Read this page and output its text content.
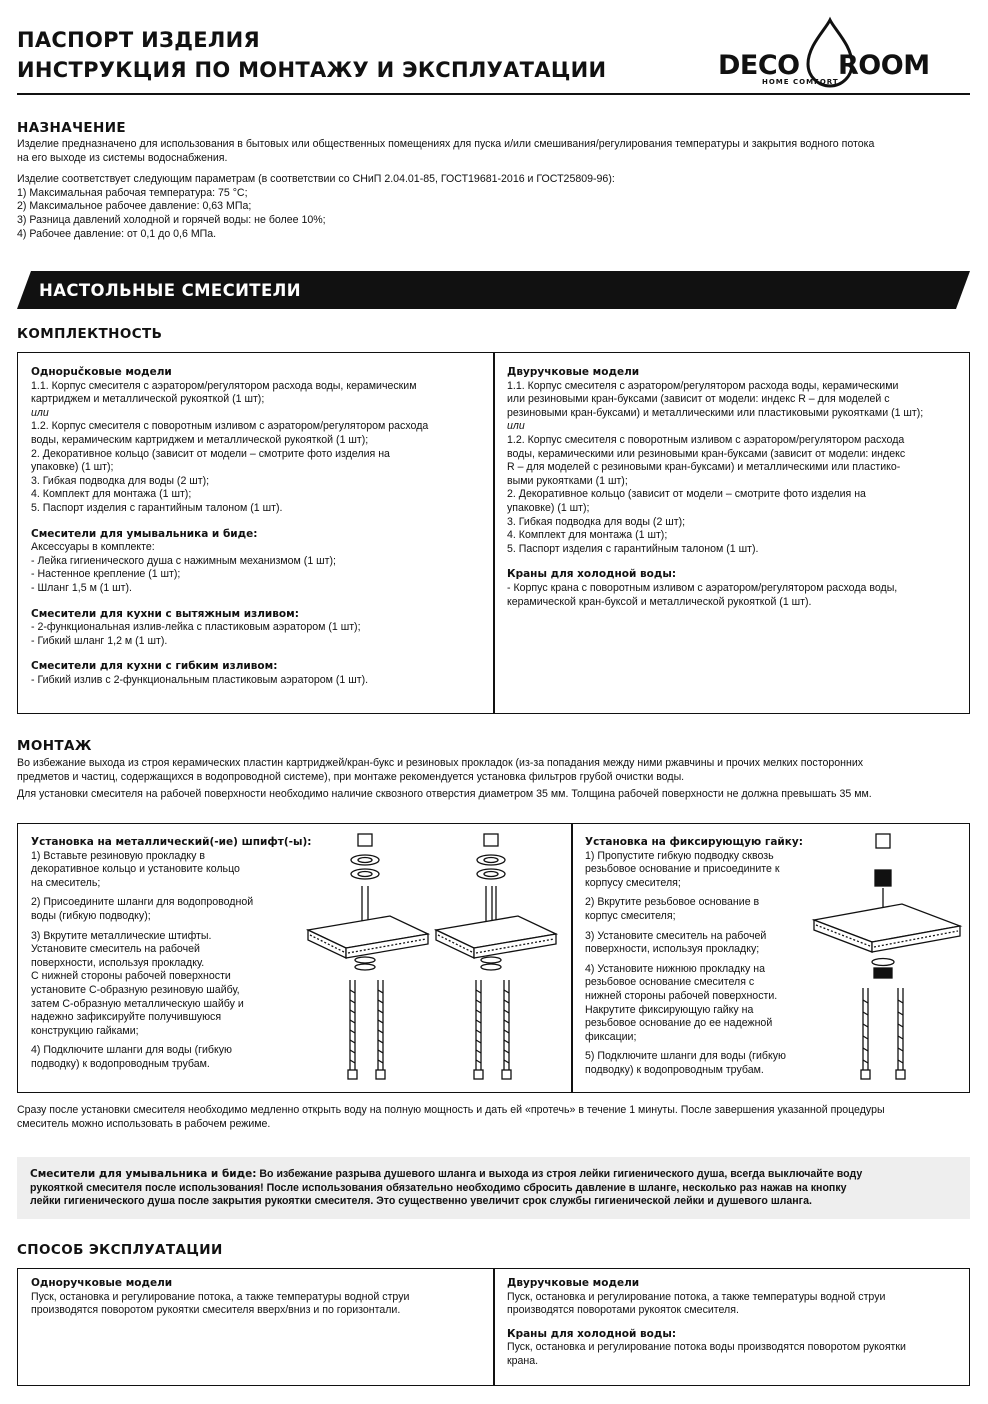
ПАСПОРТ ИЗДЕЛИЯ
ИНСТРУКЦИЯ ПО МОНТАЖУ И ЭКСПЛУАТАЦИИ	DECO ROOM
HOME COMFORT
НАЗНАЧЕНИЕ
Изделие предназначено для использования в бытовых или общественных помещениях для пуска и/или смешивания/регулирования температуры и закрытия водного потока
на его выходе из системы водоснабжения.
Изделие соответствует следующим параметрам (в соответствии со СНиП 2.04.01-85, ГОСТ19681-2016 и ГОСТ25809-96):
1) Максимальная рабочая температура: 75 °С;
2) Максимальное рабочее давление: 0,63 МПа;
3) Разница давлений холодной и горячей воды: не более 10%;
4) Рабочее давление: от 0,1 до 0,6 МПа.
НАСТОЛЬНЫЕ СМЕСИТЕЛИ
КОМПЛЕКТНОСТЬ
Однорučковые модели
1.1. Корпус смесителя с аэратором/регулятором расхода воды, керамическим
картриджем и металлической рукояткой (1 шт);
или
1.2. Корпус смесителя с поворотным изливом с аэратором/регулятором расхода
воды, керамическим картриджем и металлической рукояткой (1 шт);
2. Декоративное кольцо (зависит от модели – смотрите фото изделия на
упаковке) (1 шт);
3. Гибкая подводка для воды (2 шт);
4. Комплект для монтажа (1 шт);
5. Паспорт изделия с гарантийным талоном (1 шт).
Смесители для умывальника и биде:
Аксессуары в комплекте:
- Лейка гигиенического душа с нажимным механизмом (1 шт);
- Настенное крепление (1 шт);
- Шланг 1,5 м (1 шт).
Смесители для кухни с вытяжным изливом:
- 2-функциональная излив-лейка с пластиковым аэратором (1 шт);
- Гибкий шланг 1,2 м (1 шт).
Смесители для кухни с гибким изливом:
- Гибкий излив с 2-функциональным пластиковым аэратором (1 шт).
Двуручковые модели
1.1. Корпус смесителя с аэратором/регулятором расхода воды, керамическими
или резиновыми кран-буксами (зависит от модели: индекс R – для моделей с
резиновыми кран-буксами) и металлическими или пластиковыми рукоятками (1 шт);
или
1.2. Корпус смесителя с поворотным изливом с аэратором/регулятором расхода
воды, керамическими или резиновыми кран-буксами (зависит от модели: индекс
R – для моделей с резиновыми кран-буксами) и металлическими или пластико-
выми рукоятками (1 шт);
2. Декоративное кольцо (зависит от модели – смотрите фото изделия на
упаковке) (1 шт);
3. Гибкая подводка для воды (2 шт);
4. Комплект для монтажа (1 шт);
5. Паспорт изделия с гарантийным талоном (1 шт).
Краны для холодной воды:
- Корпус крана с поворотным изливом с аэратором/регулятором расхода воды,
керамической кран-буксой и металлической рукояткой (1 шт).
МОНТАЖ
Во избежание выхода из строя керамических пластин картриджей/кран-букс и резиновых прокладок (из-за попадания между ними ржавчины и прочих мелких посторонних
предметов и частиц, содержащихся в водопроводной системе), при монтаже рекомендуется установка фильтров грубой очистки воды.
Для установки смесителя на рабочей поверхности необходимо наличие сквозного отверстия диаметром 35 мм. Толщина рабочей поверхности не должна превышать 35 мм.
Установка на металлический(-ие) шпифт(-ы):
1) Вставьте резиновую прокладку в
декоративное кольцо и установите кольцо
на смеситель;
2) Присоедините шланги для водопроводной
воды (гибкую подводку);
3) Вкрутите металлические штифты.
Установите смеситель на рабочей
поверхности, используя прокладку.
С нижней стороны рабочей поверхности
установите С-образную резиновую шайбу,
затем С-образную металлическую шайбу и
надежно зафиксируйте получившуюся
конструкцию гайками;
4) Подключите шланги для воды (гибкую
подводку) к водопроводным трубам.
Установка на фиксирующую гайку:
1) Пропустите гибкую подводку сквозь
резьбовое основание и присоедините к
корпусу смесителя;
2) Вкрутите резьбовое основание в
корпус смесителя;
3) Установите смеситель на рабочей
поверхности, используя прокладку;
4) Установите нижнюю прокладку на
резьбовое основание смесителя с
нижней стороны рабочей поверхности.
Накрутите фиксирующую гайку на
резьбовое основание до ее надежной
фиксации;
5) Подключите шланги для воды (гибкую
подводку) к водопроводным трубам.
Сразу после установки смесителя необходимо медленно открыть воду на полную мощность и дать ей «протечь» в течение 1 минуты. После завершения указанной процедуры
смеситель можно использовать в рабочем режиме.
Смесители для умывальника и биде: Во избежание разрыва душевого шланга и выхода из строя лейки гигиенического душа, всегда выключайте воду
рукояткой смесителя после использования! После использования обязательно необходимо сбросить давление в шланге, несколько раз нажав на кнопку
лейки гигиенического душа после закрытия рукоятки смесителя. Это существенно увеличит срок службы гигиенической лейки и душевого шланга.
СПОСОБ ЭКСПЛУАТАЦИИ
Одноручковые модели
Пуск, остановка и регулирование потока, а также температуры водной струи
производятся поворотом рукоятки смесителя вверх/вниз и по горизонтали.
Двуручковые модели
Пуск, остановка и регулирование потока, а также температуры водной струи
производятся поворотами рукояток смесителя.
Краны для холодной воды:
Пуск, остановка и регулирование потока воды производятся поворотом рукоятки
крана.
